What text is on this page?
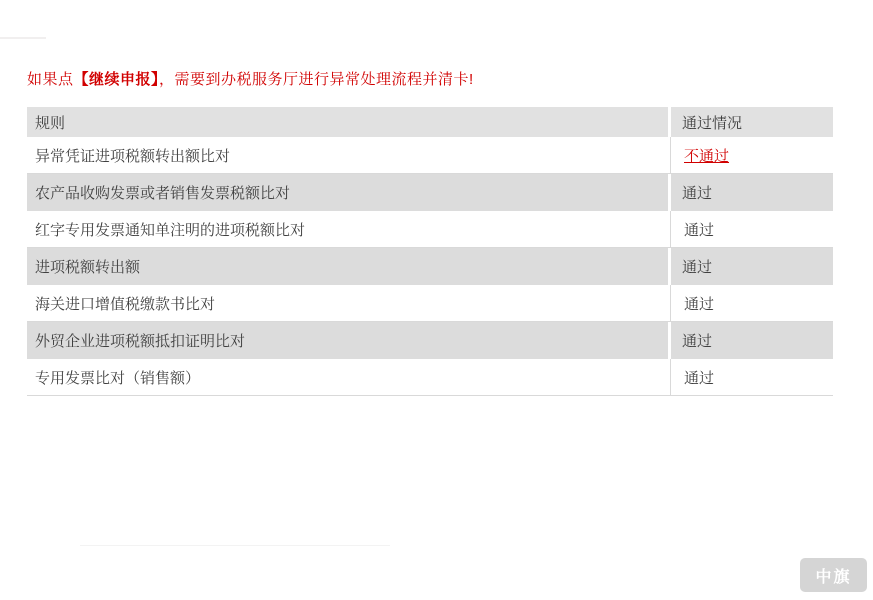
如果点【继续申报】，需要到办税服务厅进行异常处理流程并清卡!
规则	通过情况
异常凭证进项税额转出额比对	不通过
农产品收购发票或者销售发票税额比对	通过
红字专用发票通知单注明的进项税额比对	通过
进项税额转出额	通过
海关进口增值税缴款书比对	通过
外贸企业进项税额抵扣证明比对	通过
专用发票比对（销售额）	通过
中旗
